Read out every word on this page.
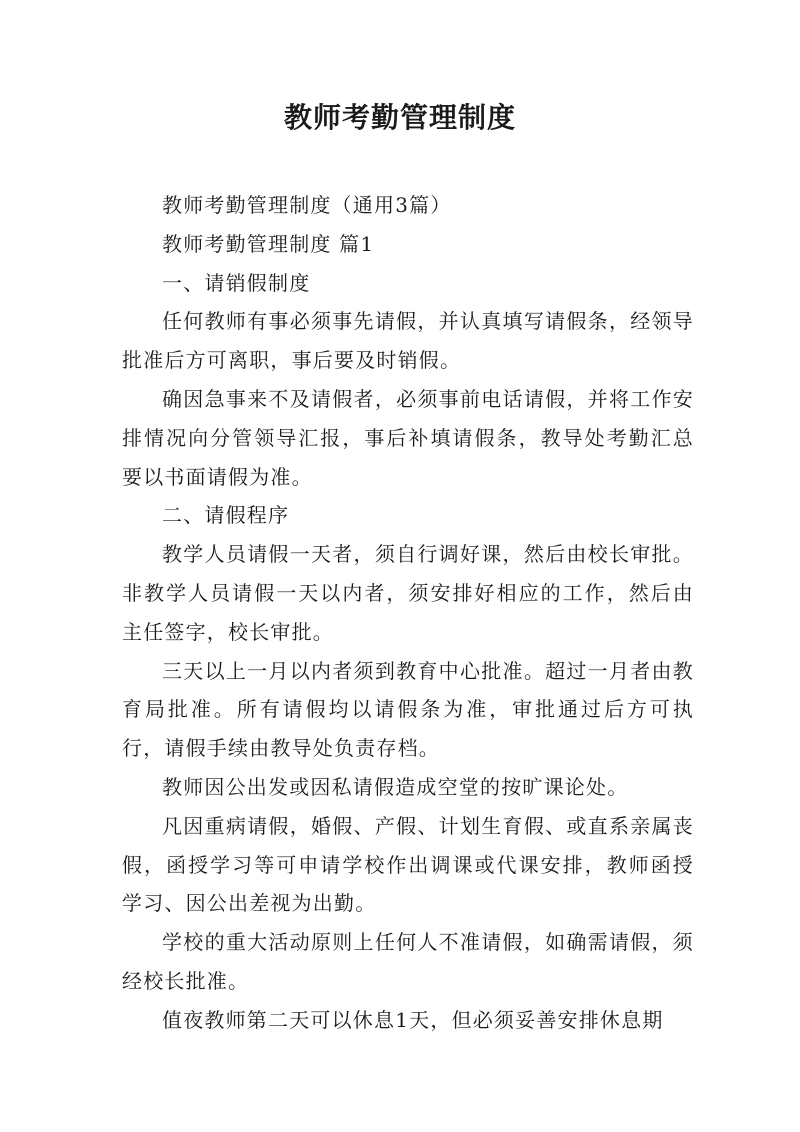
教师考勤管理制度

教师考勤管理制度（通用3篇）

教师考勤管理制度 篇1

一、请销假制度

任何教师有事必须事先请假，并认真填写请假条，经领导批准后方可离职，事后要及时销假。

确因急事来不及请假者，必须事前电话请假，并将工作安排情况向分管领导汇报，事后补填请假条，教导处考勤汇总要以书面请假为准。

二、请假程序

教学人员请假一天者，须自行调好课，然后由校长审批。非教学人员请假一天以内者，须安排好相应的工作，然后由主任签字，校长审批。

三天以上一月以内者须到教育中心批准。超过一月者由教育局批准。所有请假均以请假条为准，审批通过后方可执行，请假手续由教导处负责存档。

教师因公出发或因私请假造成空堂的按旷课论处。

凡因重病请假，婚假、产假、计划生育假、或直系亲属丧假，函授学习等可申请学校作出调课或代课安排，教师函授学习、因公出差视为出勤。

学校的重大活动原则上任何人不准请假，如确需请假，须经校长批准。

值夜教师第二天可以休息1天，但必须妥善安排休息期
